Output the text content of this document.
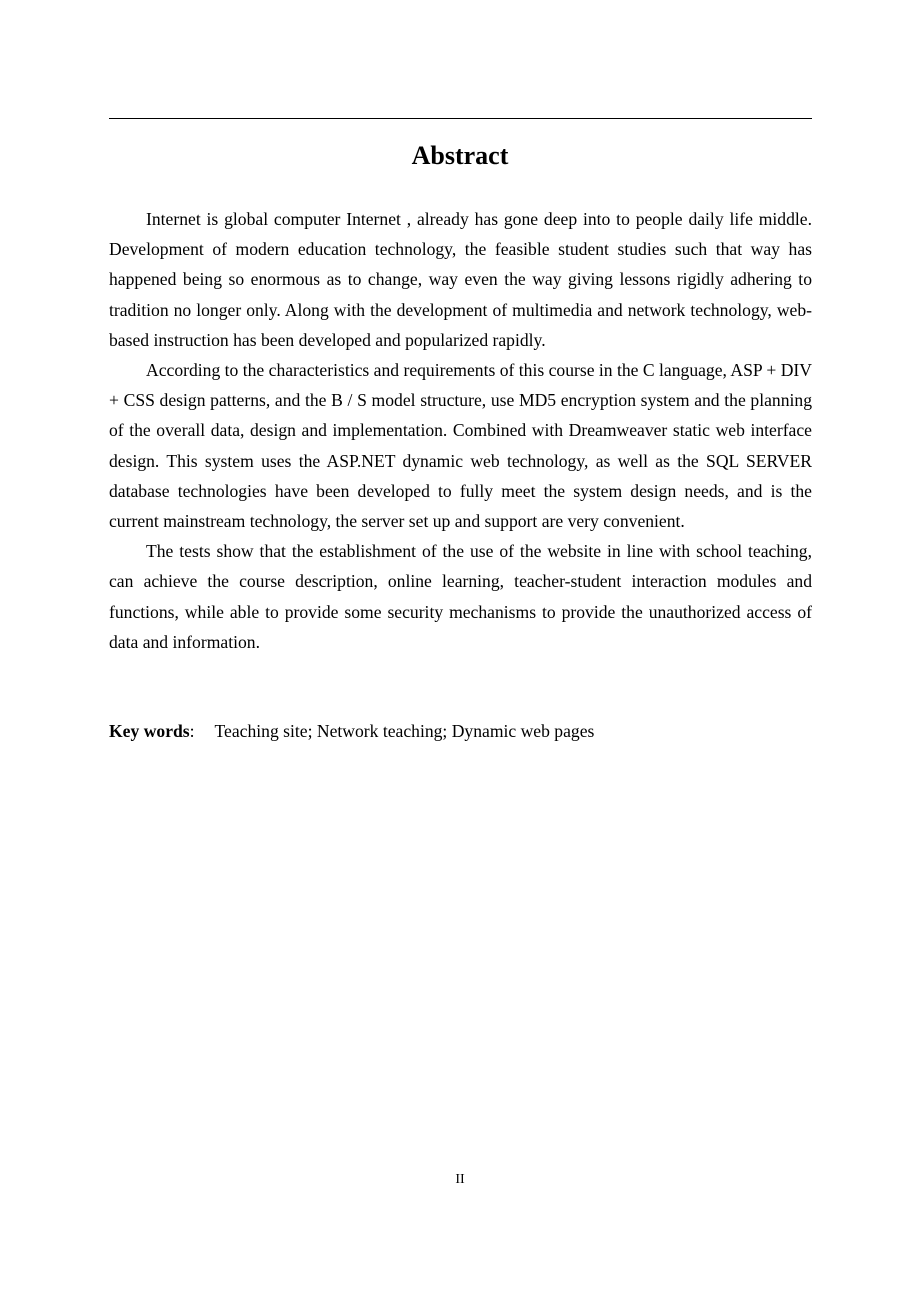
Abstract

Internet is global computer Internet , already has gone deep into to people daily life middle. Development of modern education technology, the feasible student studies such that way has happened being so enormous as to change, way even the way giving lessons rigidly adhering to tradition no longer only. Along with the development of multimedia and network technology, web-based instruction has been developed and popularized rapidly.

According to the characteristics and requirements of this course in the C language, ASP + DIV + CSS design patterns, and the B / S model structure, use MD5 encryption system and the planning of the overall data, design and implementation. Combined with Dreamweaver static web interface design. This system uses the ASP.NET dynamic web technology, as well as the SQL SERVER database technologies have been developed to fully meet the system design needs, and is the current mainstream technology, the server set up and support are very convenient.

The tests show that the establishment of the use of the website in line with school teaching, can achieve the course description, online learning, teacher-student interaction modules and functions, while able to provide some security mechanisms to provide the unauthorized access of data and information.

Key words: Teaching site; Network teaching; Dynamic web pages

II
